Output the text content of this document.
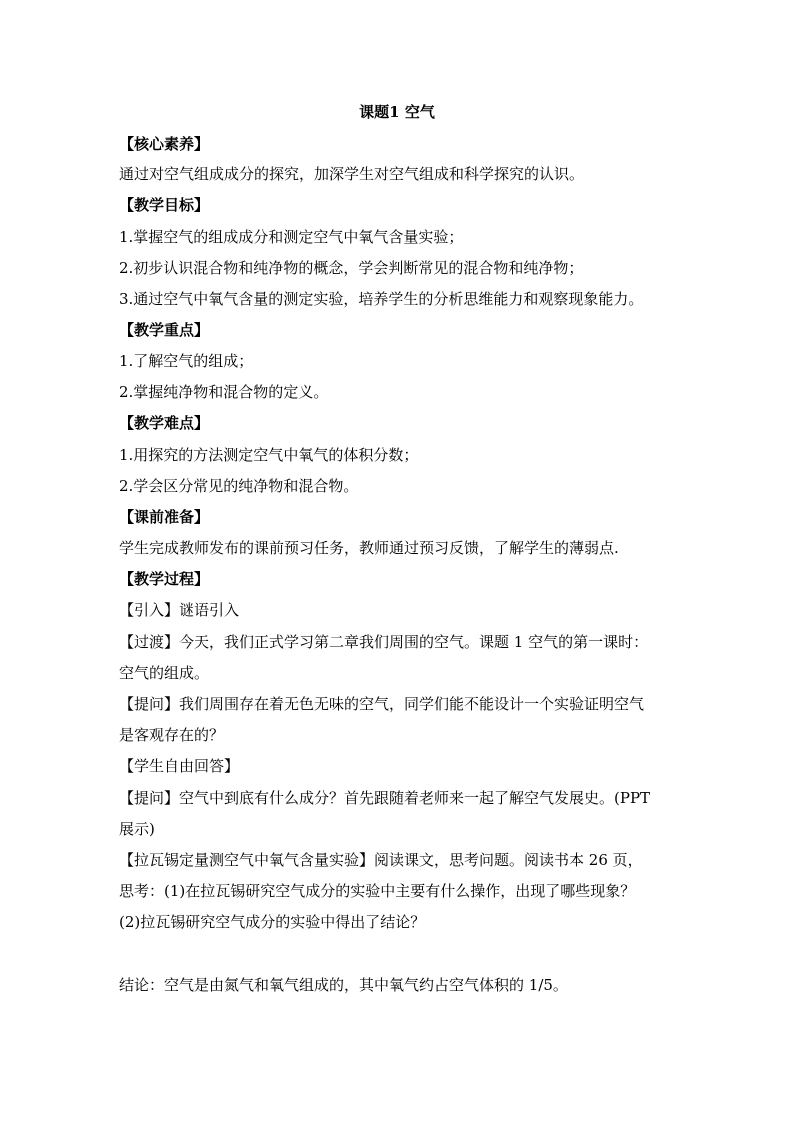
课题1 空气
【核心素养】
通过对空气组成成分的探究，加深学生对空气组成和科学探究的认识。
【教学目标】
1.掌握空气的组成成分和测定空气中氧气含量实验；
2.初步认识混合物和纯净物的概念，学会判断常见的混合物和纯净物；
3.通过空气中氧气含量的测定实验，培养学生的分析思维能力和观察现象能力。
【教学重点】
1.了解空气的组成；
2.掌握纯净物和混合物的定义。
【教学难点】
1.用探究的方法测定空气中氧气的体积分数；
2.学会区分常见的纯净物和混合物。
【课前准备】
学生完成教师发布的课前预习任务，教师通过预习反馈，了解学生的薄弱点.
【教学过程】
【引入】谜语引入
【过渡】今天，我们正式学习第二章我们周围的空气。课题 1 空气的第一课时：
空气的组成。
【提问】我们周围存在着无色无味的空气，同学们能不能设计一个实验证明空气
是客观存在的？
【学生自由回答】
【提问】空气中到底有什么成分？首先跟随着老师来一起了解空气发展史。(PPT
展示)
【拉瓦锡定量测空气中氧气含量实验】阅读课文，思考问题。阅读书本 26 页，
思考：(1)在拉瓦锡研究空气成分的实验中主要有什么操作，出现了哪些现象？
(2)拉瓦锡研究空气成分的实验中得出了结论？
结论：空气是由氮气和氧气组成的，其中氧气约占空气体积的 1/5。
